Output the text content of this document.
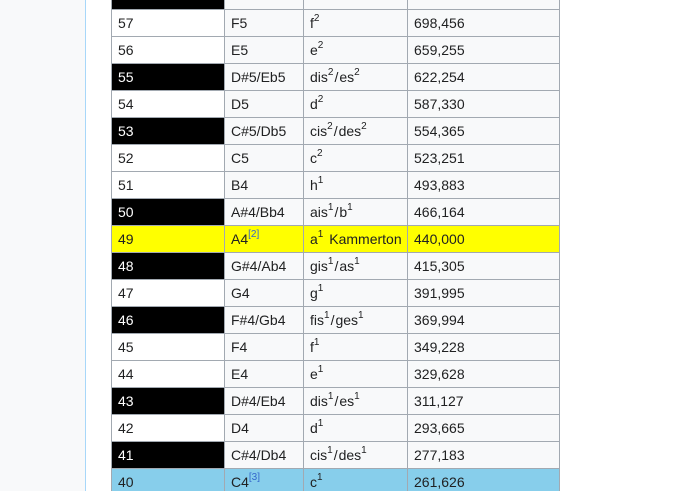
57	F5	$f^2$	698,456
56	E5	$e^2$	659,255
55	D#5/Eb5	$dis^2/es^2$	622,254
54	D5	$d^2$	587,330
53	C#5/Db5	cis$^2$/des$^2$	554,365
52	C5	$c^2$	523,251
51	B4	$h^1$	493,883
50	A#4/Bb4	$ais^1/b^1$	466,164
49	A4[2]	$a^1$ Kammerton	440,000
48	G#4/Ab4	$gis^1/as^1$	415,305
47	G4	$g^1$	391,995
46	F#4/Gb4	fis$^1$/ges$^1$	369,994
45	F4	$f^1$	349,228
44	E4	$e^1$	329,628
43	D#4/Eb4	$dis^1/es^1$	311,127
42	D4	$d^1$	293,665
41	C#4/Db4	cis$^1$/des$^1$	277,183
40	C4[3]	$c^1$	261,626
